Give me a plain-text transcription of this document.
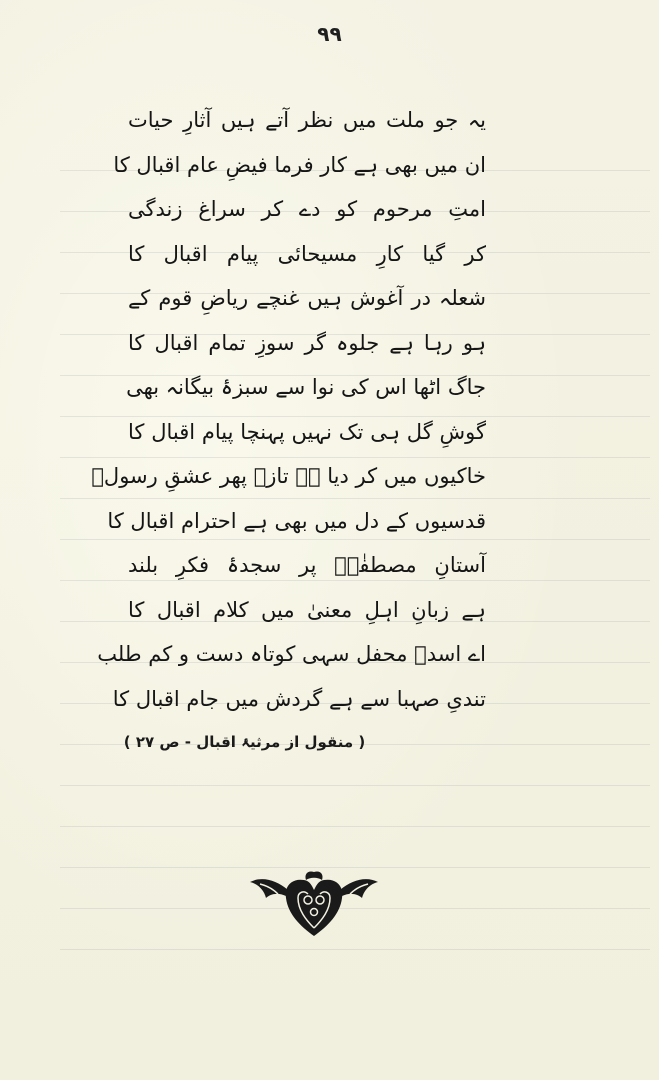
۹۹
یہ جو ملت میں نظر آتے ہیں آثارِ حیات
ان میں بھی ہے کار فرما فیضِ عام اقبال کا
امتِ مرحوم کو دے کر سراغ زندگی
کر گیا کارِ مسیحائی پیام اقبال کا
شعلہ در آغوش ہیں غنچے ریاضِ قوم کے
ہو رہا ہے جلوہ گر سوزِ تمام اقبال کا
جاگ اٹھا اس کی نوا سے سبزۂ بیگانہ بھی
گوشِ گل ہی تک نہیں پہنچا پیام اقبال کا
خاکیوں میں کر دیا ہے تازہ پھر عشقِ رسولؐ
قدسیوں کے دل میں بھی ہے احترام اقبال کا
آستانِ مصطفٰےؐ پر سجدۂ فکرِ بلند
ہے زبانِ اہلِ معنیٰ میں کلام اقبال کا
اے اسدؔ محفل سہی کوتاہ دست و کم طلب
تندیِ صہبا سے ہے گردش میں جام اقبال کا
( منقول از مرثیۂ اقبال - ص ۲۷ )
